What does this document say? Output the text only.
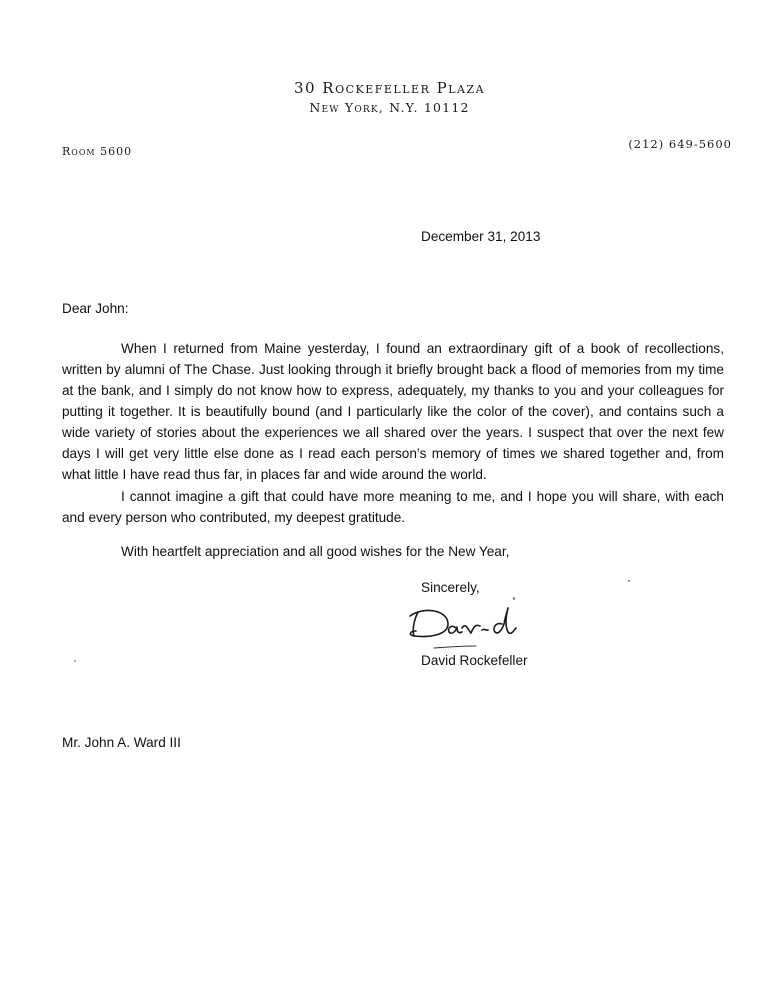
30 Rockefeller Plaza
New York, N.Y. 10112
Room 5600
(212) 649-5600
December 31, 2013
Dear John:

When I returned from Maine yesterday, I found an extraordinary gift of a book of recollections, written by alumni of The Chase. Just looking through it briefly brought back a flood of memories from my time at the bank, and I simply do not know how to express, adequately, my thanks to you and your colleagues for putting it together. It is beautifully bound (and I particularly like the color of the cover), and contains such a wide variety of stories about the experiences we all shared over the years. I suspect that over the next few days I will get very little else done as I read each person’s memory of times we shared together and, from what little I have read thus far, in places far and wide around the world.

I cannot imagine a gift that could have more meaning to me, and I hope you will share, with each and every person who contributed, my deepest gratitude.

With heartfelt appreciation and all good wishes for the New Year,

Sincerely,
David Rockefeller
Mr. John A. Ward III
